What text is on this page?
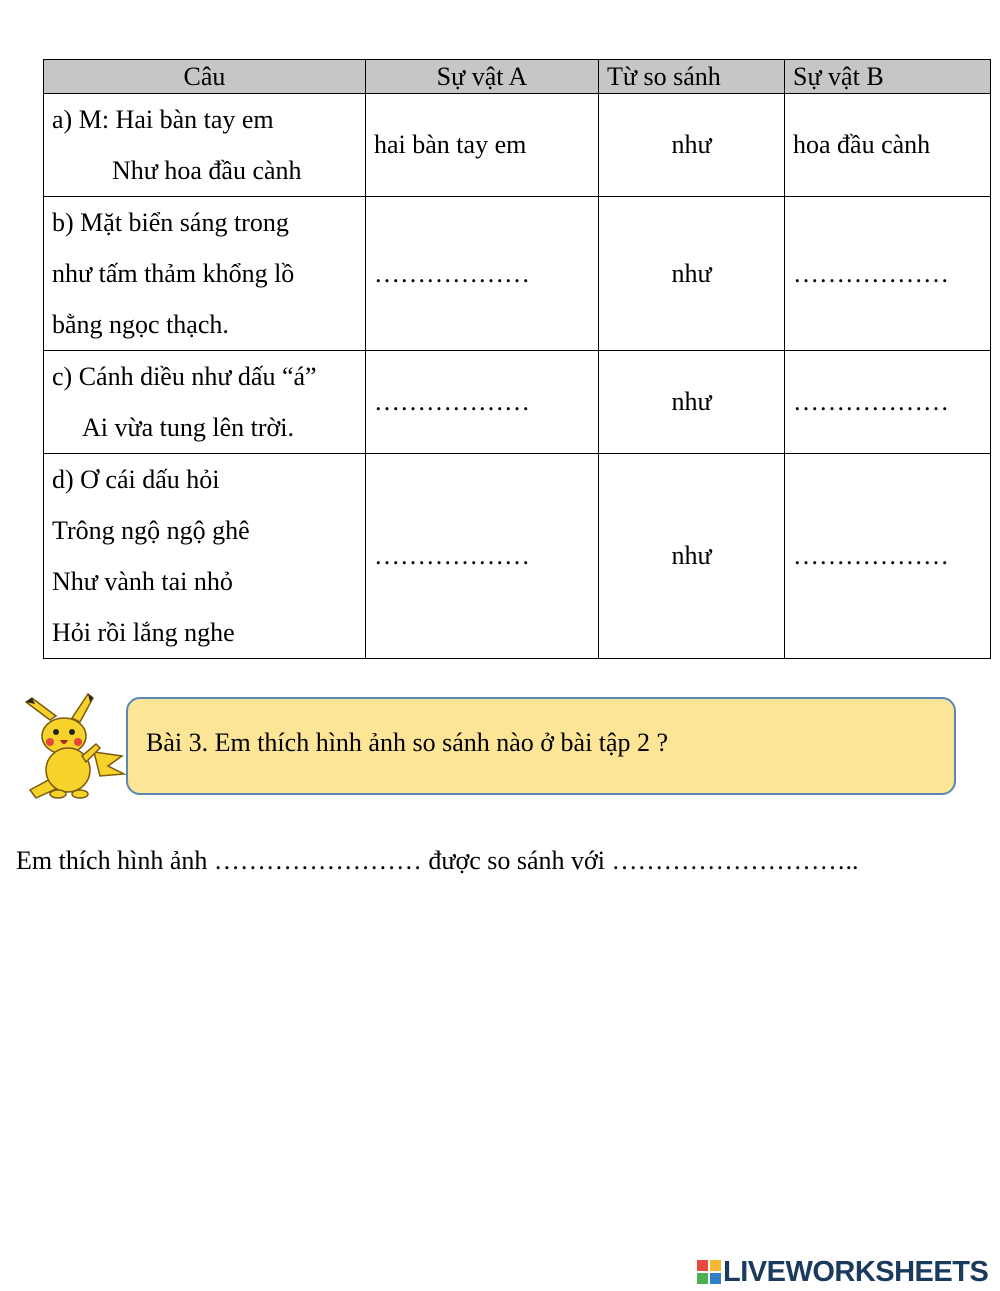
Câu	Sự vật A	Từ so sánh	Sự vật B

a) M: Hai bàn tay em
Như hoa đầu cành	hai bàn tay em	như	hoa đầu cành

b) Mặt biển sáng trong
như tấm thảm khổng lồ
bằng ngọc thạch.	………………	như	………………

c) Cánh diều như dấu “á”
Ai vừa tung lên trời.	………………	như	………………

d) Ơ cái dấu hỏi
Trông ngộ ngộ ghê
Như vành tai nhỏ
Hỏi rồi lắng nghe	………………	như	………………
Bài 3. Em thích hình ảnh so sánh nào ở bài tập 2 ?
Em thích hình ảnh …………………… được so sánh với ………………………..
LIVEWORKSHEETS
